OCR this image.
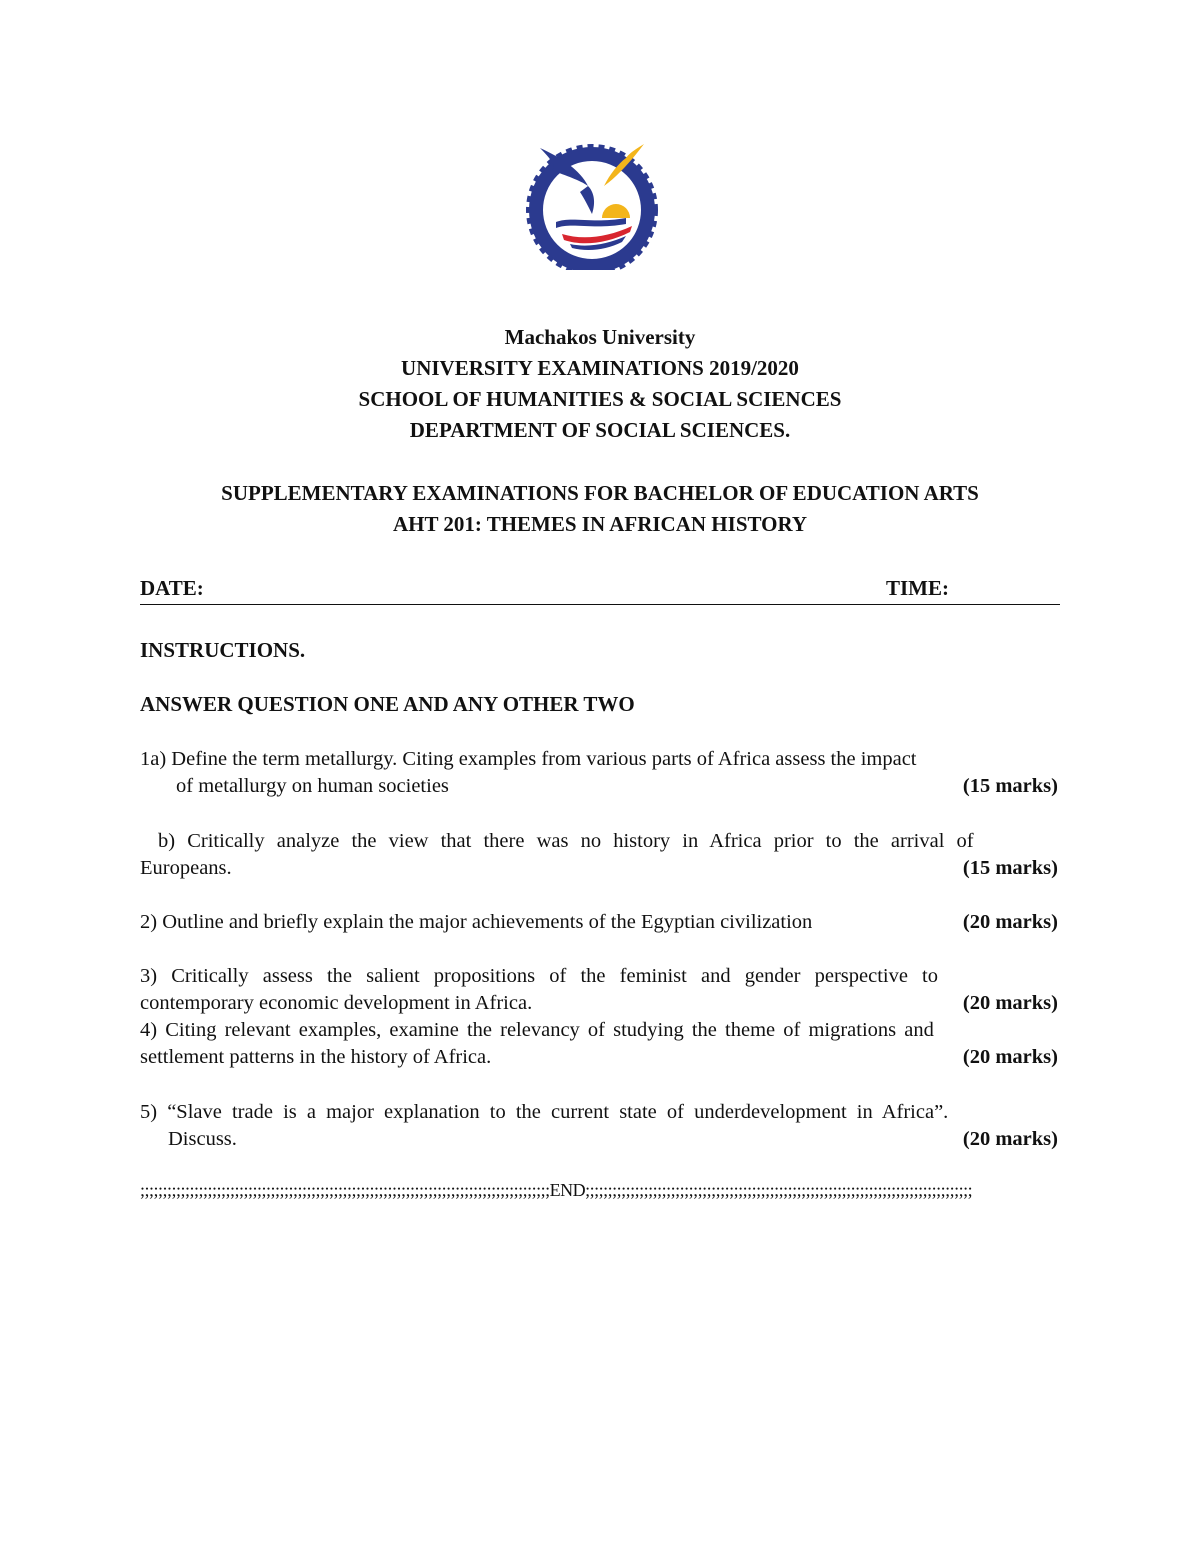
Machakos University
UNIVERSITY EXAMINATIONS 2019/2020
SCHOOL OF HUMANITIES & SOCIAL SCIENCES
DEPARTMENT OF SOCIAL SCIENCES.
SUPPLEMENTARY EXAMINATIONS FOR BACHELOR OF EDUCATION ARTS
AHT 201: THEMES IN AFRICAN HISTORY
DATE:	TIME:
INSTRUCTIONS.
ANSWER QUESTION ONE AND ANY OTHER TWO
1a) Define the term metallurgy. Citing examples from various parts of Africa assess the impact
of metallurgy on human societies	(15 marks)
b) Critically analyze the view that there was no history in Africa prior to the arrival of
Europeans.	(15 marks)
2) Outline and briefly explain the major achievements of the Egyptian civilization	(20 marks)
3) Critically assess the salient propositions of the feminist and gender perspective to
contemporary economic development in Africa.	(20 marks)
4) Citing relevant examples, examine the relevancy of studying the theme of migrations and
settlement patterns in the history of Africa.	(20 marks)
5) “Slave trade is a major explanation to the current state of underdevelopment in Africa”.
Discuss.	(20 marks)
;;;;;;;;;;;;;;;;;;;;;;;;;;;;;;;;;;;;;;;;;;;;;;;;;;;;;;;;;;;;;;;;;;;;;;;;;;;;;;;;;;;;;;;;;;;END;;;;;;;;;;;;;;;;;;;;;;;;;;;;;;;;;;;;;;;;;;;;;;;;;;;;;;;;;;;;;;;;;;;;;;;;;;;;;;;;;;;;;;
